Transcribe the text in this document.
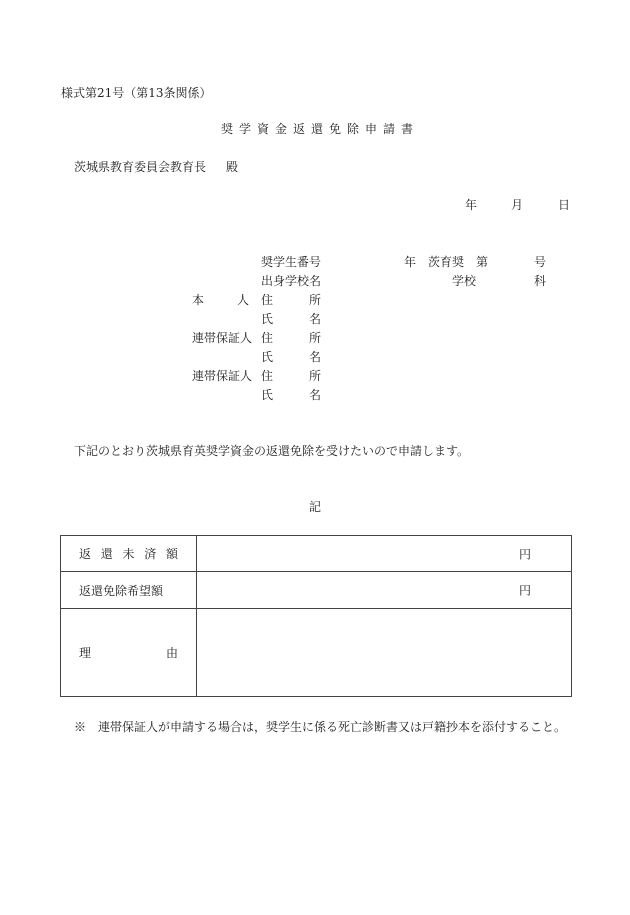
様式第21号（第13条関係）
奨学資金返還免除申請書
茨城県教育委員会教育長 殿
年	月	日
奨学生番号	年 茨育奨 第	号
出身学校名	学校	科
本	人 住	所
氏	名
連帯保証人 住	所
氏	名
連帯保証人 住	所
氏	名
下記のとおり茨城県育英奨学資金の返還免除を受けたいので申請します。
記
返 還 未 済 額	円

返還免除希望額	円

理 由	

※　連帯保証人が申請する場合は，奨学生に係る死亡診断書又は戸籍抄本を添付すること。
